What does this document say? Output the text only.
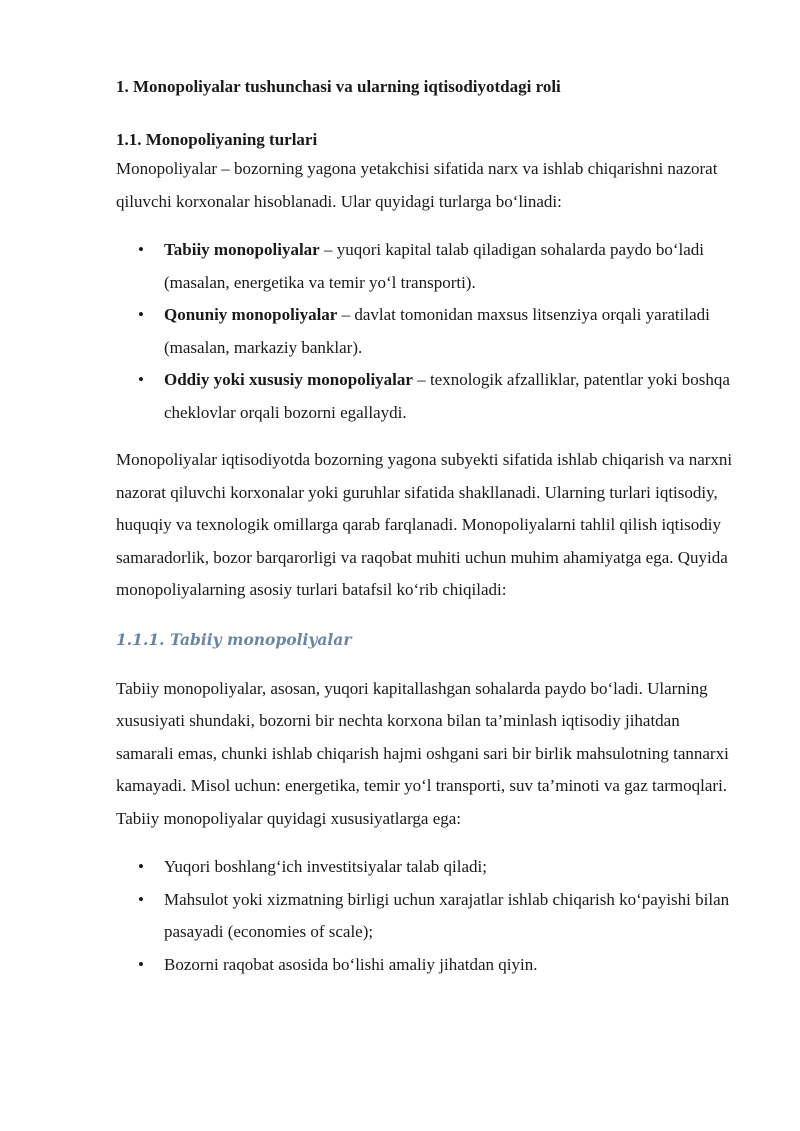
1. Monopoliyalar tushunchasi va ularning iqtisodiyotdagi roli

1.1. Monopoliyaning turlari

Monopoliyalar – bozorning yagona yetakchisi sifatida narx va ishlab chiqarishni nazorat qiluvchi korxonalar hisoblanadi. Ular quyidagi turlarga bo‘linadi:

• Tabiiy monopoliyalar – yuqori kapital talab qiladigan sohalarda paydo bo‘ladi (masalan, energetika va temir yo‘l transporti).
• Qonuniy monopoliyalar – davlat tomonidan maxsus litsenziya orqali yaratiladi (masalan, markaziy banklar).
• Oddiy yoki xususiy monopoliyalar – texnologik afzalliklar, patentlar yoki boshqa cheklovlar orqali bozorni egallaydi.

Monopoliyalar iqtisodiyotda bozorning yagona subyekti sifatida ishlab chiqarish va narxni nazorat qiluvchi korxonalar yoki guruhlar sifatida shakllanadi. Ularning turlari iqtisodiy, huquqiy va texnologik omillarga qarab farqlanadi. Monopoliyalarni tahlil qilish iqtisodiy samaradorlik, bozor barqarorligi va raqobat muhiti uchun muhim ahamiyatga ega. Quyida monopoliyalarning asosiy turlari batafsil ko‘rib chiqiladi:

1.1.1. Tabiiy monopoliyalar

Tabiiy monopoliyalar, asosan, yuqori kapitallashgan sohalarda paydo bo‘ladi. Ularning xususiyati shundaki, bozorni bir nechta korxona bilan ta’minlash iqtisodiy jihatdan samarali emas, chunki ishlab chiqarish hajmi oshgani sari bir birlik mahsulotning tannarxi kamayadi. Misol uchun: energetika, temir yo‘l transporti, suv ta’minoti va gaz tarmoqlari. Tabiiy monopoliyalar quyidagi xususiyatlarga ega:

• Yuqori boshlang‘ich investitsiyalar talab qiladi;
• Mahsulot yoki xizmatning birligi uchun xarajatlar ishlab chiqarish ko‘payishi bilan pasayadi (economies of scale);
• Bozorni raqobat asosida bo‘lishi amaliy jihatdan qiyin.
